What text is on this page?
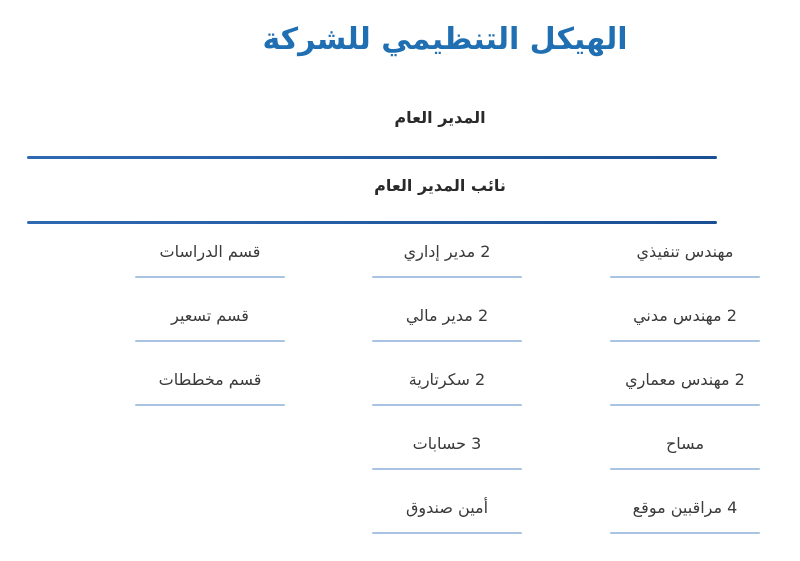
الهيكل التنظيمي للشركة
المدير العام
نائب المدير العام
مهندس تنفيذي
2 مهندس مدني
2 مهندس معماري
مساح
4 مراقبين موقع
2 مدير إداري
2 مدير مالي
2 سكرتارية
3 حسابات
أمين صندوق
قسم الدراسات
قسم تسعير
قسم مخططات
